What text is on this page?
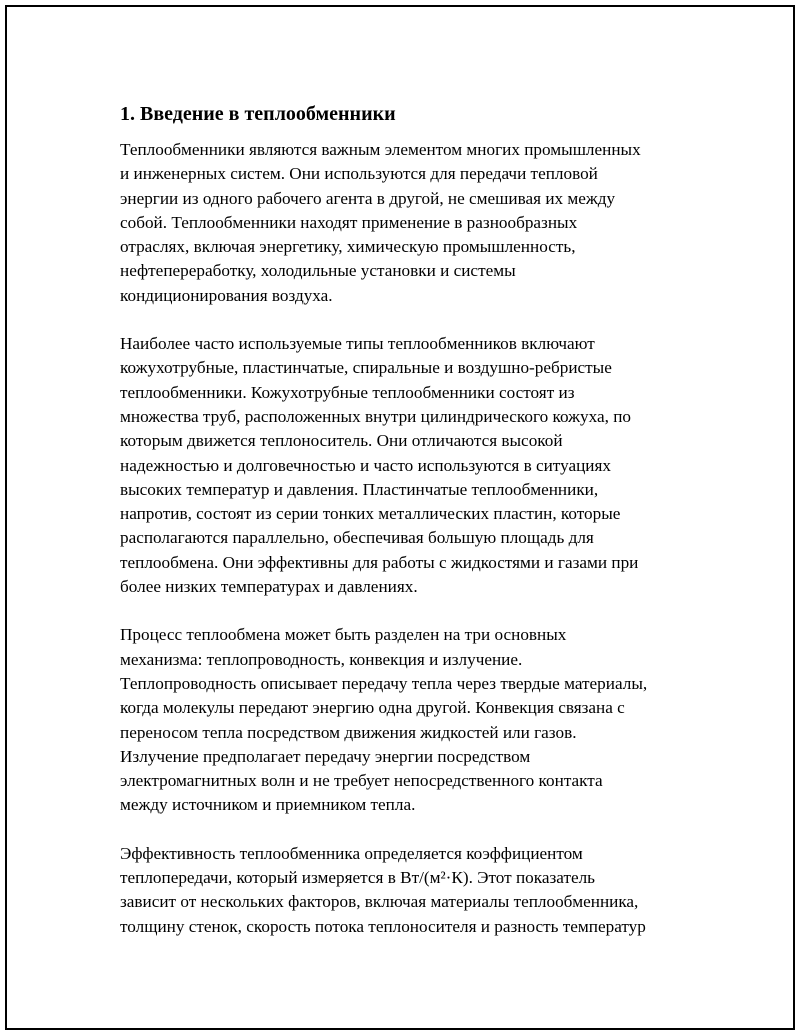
1. Введение в теплообменники

Теплообменники являются важным элементом многих промышленных
и инженерных систем. Они используются для передачи тепловой
энергии из одного рабочего агента в другой, не смешивая их между
собой. Теплообменники находят применение в разнообразных
отраслях, включая энергетику, химическую промышленность,
нефтепереработку, холодильные установки и системы
кондиционирования воздуха.

Наиболее часто используемые типы теплообменников включают
кожухотрубные, пластинчатые, спиральные и воздушно-ребристые
теплообменники. Кожухотрубные теплообменники состоят из
множества труб, расположенных внутри цилиндрического кожуха, по
которым движется теплоноситель. Они отличаются высокой
надежностью и долговечностью и часто используются в ситуациях
высоких температур и давления. Пластинчатые теплообменники,
напротив, состоят из серии тонких металлических пластин, которые
располагаются параллельно, обеспечивая большую площадь для
теплообмена. Они эффективны для работы с жидкостями и газами при
более низких температурах и давлениях.

Процесс теплообмена может быть разделен на три основных
механизма: теплопроводность, конвекция и излучение.
Теплопроводность описывает передачу тепла через твердые материалы,
когда молекулы передают энергию одна другой. Конвекция связана с
переносом тепла посредством движения жидкостей или газов.
Излучение предполагает передачу энергии посредством
электромагнитных волн и не требует непосредственного контакта
между источником и приемником тепла.

Эффективность теплообменника определяется коэффициентом
теплопередачи, который измеряется в Вт/(м²·К). Этот показатель
зависит от нескольких факторов, включая материалы теплообменника,
толщину стенок, скорость потока теплоносителя и разность температур
